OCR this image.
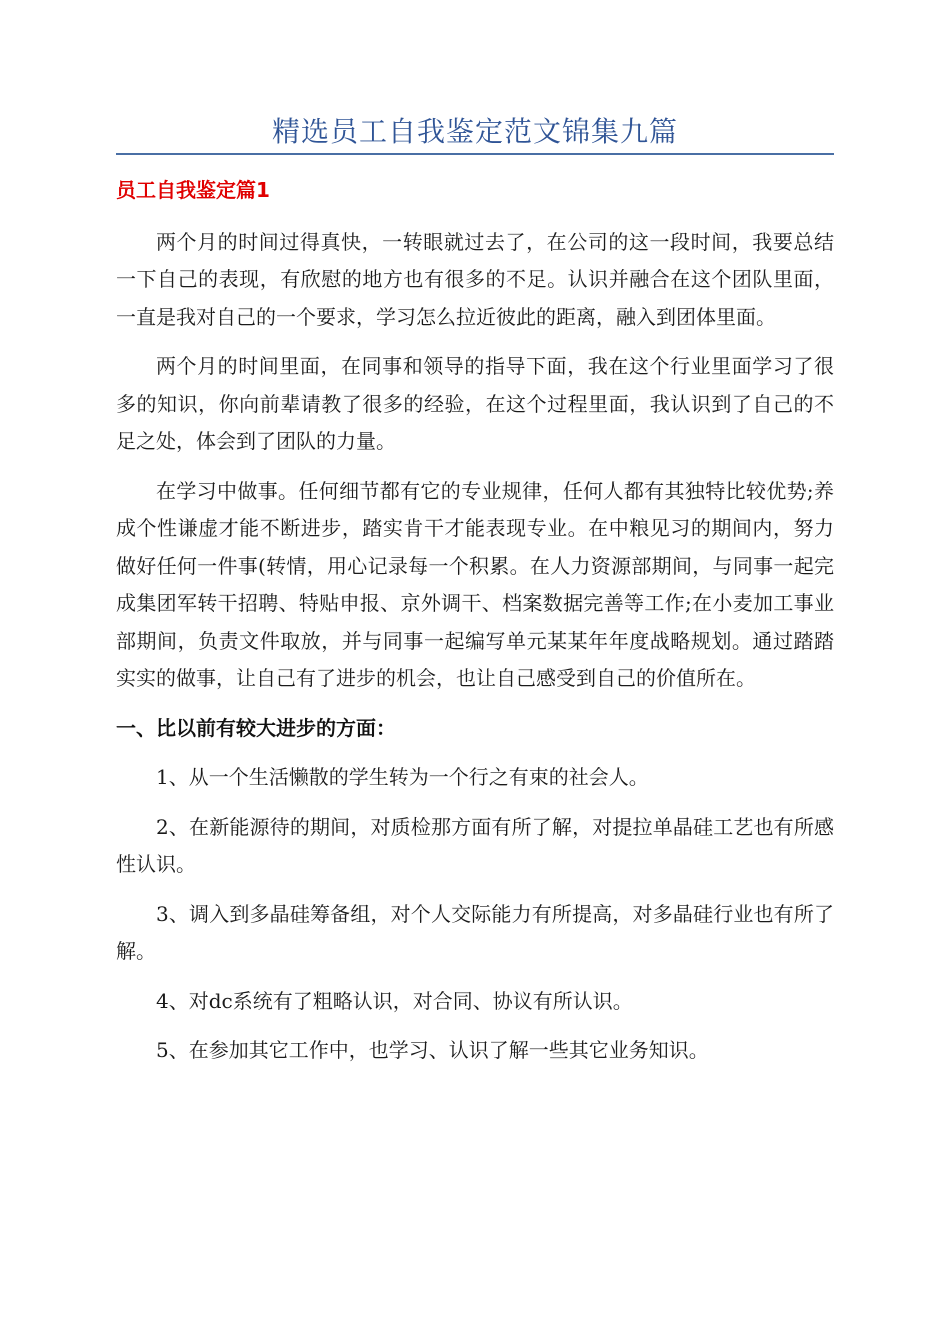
精选员工自我鉴定范文锦集九篇
员工自我鉴定篇1

两个月的时间过得真快，一转眼就过去了，在公司的这一段时间，我要总结一下自己的表现，有欣慰的地方也有很多的不足。认识并融合在这个团队里面，一直是我对自己的一个要求，学习怎么拉近彼此的距离，融入到团体里面。

两个月的时间里面，在同事和领导的指导下面，我在这个行业里面学习了很多的知识，你向前辈请教了很多的经验，在这个过程里面，我认识到了自己的不足之处，体会到了团队的力量。

在学习中做事。任何细节都有它的专业规律，任何人都有其独特比较优势;养成个性谦虚才能不断进步，踏实肯干才能表现专业。在中粮见习的期间内，努力做好任何一件事(转情，用心记录每一个积累。在人力资源部期间，与同事一起完成集团军转干招聘、特贴申报、京外调干、档案数据完善等工作;在小麦加工事业部期间，负责文件取放，并与同事一起编写单元某某年年度战略规划。通过踏踏实实的做事，让自己有了进步的机会，也让自己感受到自己的价值所在。

一、比以前有较大进步的方面：

1、从一个生活懒散的学生转为一个行之有束的社会人。

2、在新能源待的期间，对质检那方面有所了解，对提拉单晶硅工艺也有所感性认识。

3、调入到多晶硅筹备组，对个人交际能力有所提高，对多晶硅行业也有所了解。

4、对dc系统有了粗略认识，对合同、协议有所认识。

5、在参加其它工作中，也学习、认识了解一些其它业务知识。
